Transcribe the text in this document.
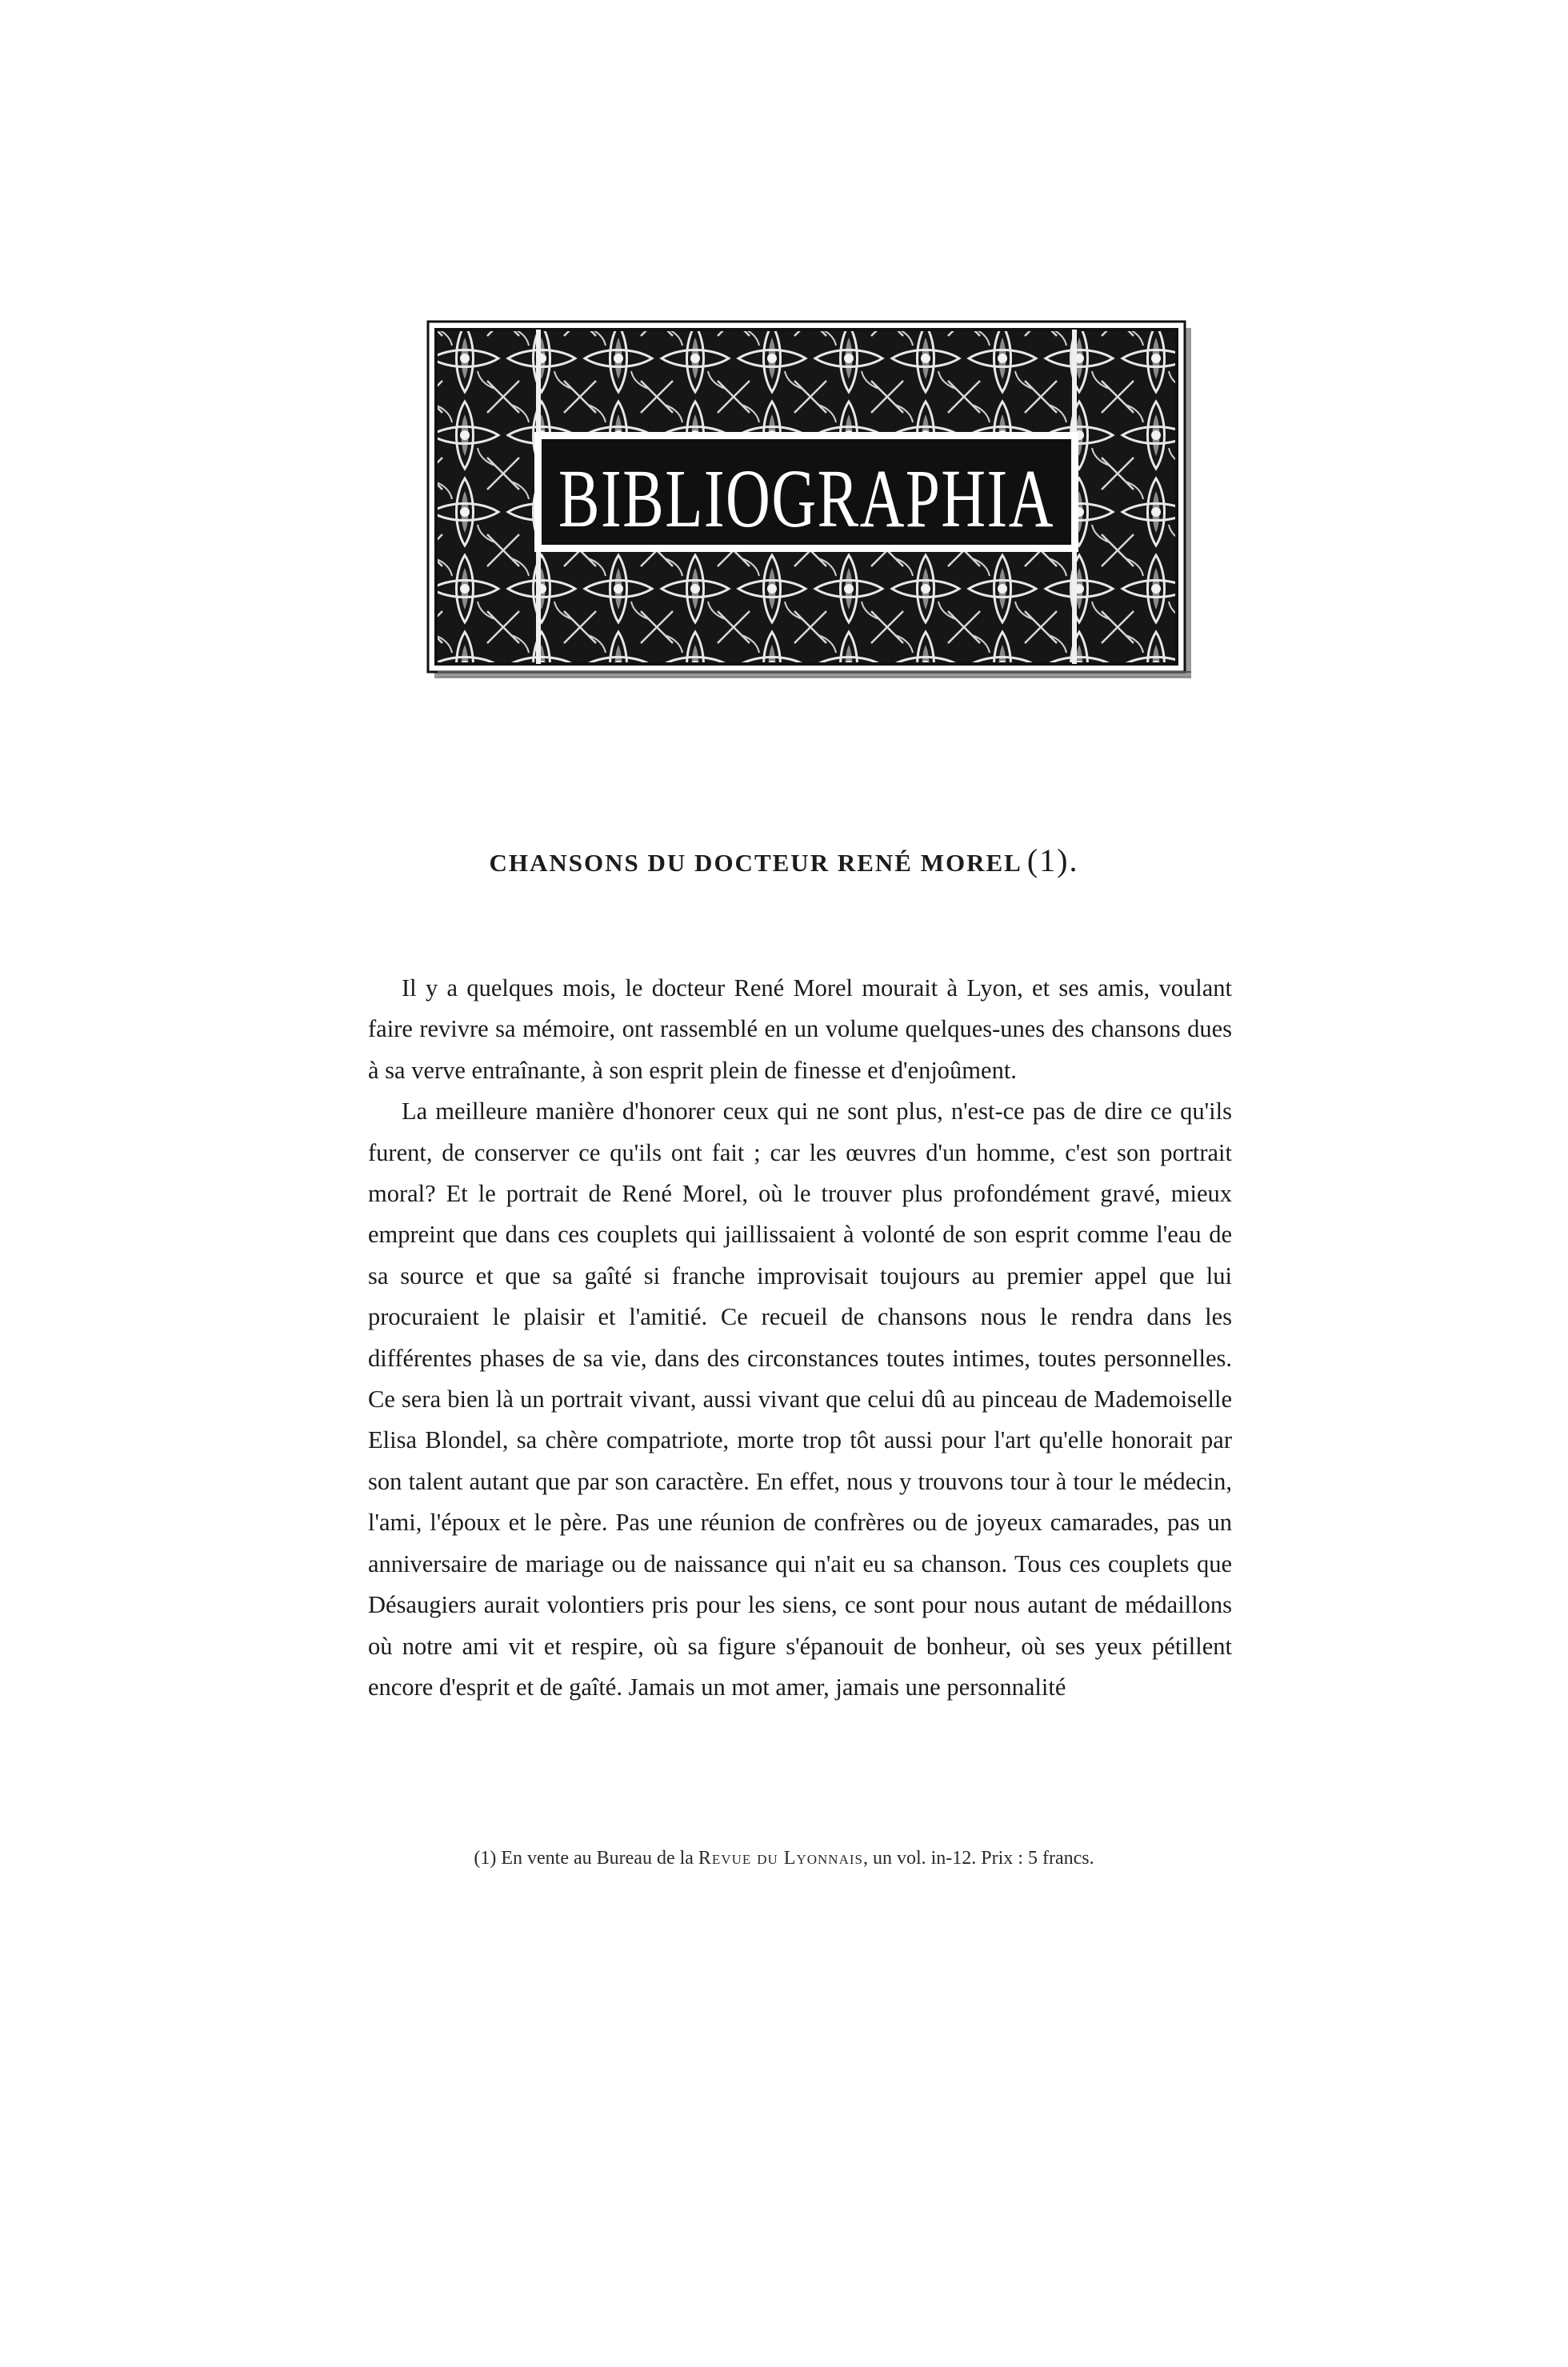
BIBLIOGRAPHIA
CHANSONS DU DOCTEUR RENÉ MOREL (1).

Il y a quelques mois, le docteur René Morel mourait à Lyon, et ses amis, voulant faire revivre sa mémoire, ont rassemblé en un volume quelques-unes des chansons dues à sa verve entraînante, à son esprit plein de finesse et d'enjoûment.

La meilleure manière d'honorer ceux qui ne sont plus, n'est-ce pas de dire ce qu'ils furent, de conserver ce qu'ils ont fait ; car les œuvres d'un homme, c'est son portrait moral? Et le portrait de René Morel, où le trouver plus profondément gravé, mieux empreint que dans ces couplets qui jaillissaient à volonté de son esprit comme l'eau de sa source et que sa gaîté si franche improvisait toujours au premier appel que lui procuraient le plaisir et l'amitié. Ce recueil de chansons nous le rendra dans les différentes phases de sa vie, dans des circonstances toutes intimes, toutes personnelles. Ce sera bien là un portrait vivant, aussi vivant que celui dû au pinceau de Mademoiselle Elisa Blondel, sa chère compatriote, morte trop tôt aussi pour l'art qu'elle honorait par son talent autant que par son caractère. En effet, nous y trouvons tour à tour le médecin, l'ami, l'époux et le père. Pas une réunion de confrères ou de joyeux camarades, pas un anniversaire de mariage ou de naissance qui n'ait eu sa chanson. Tous ces couplets que Désaugiers aurait volontiers pris pour les siens, ce sont pour nous autant de médaillons où notre ami vit et respire, où sa figure s'épanouit de bonheur, où ses yeux pétillent encore d'esprit et de gaîté. Jamais un mot amer, jamais une personnalité

(1) En vente au Bureau de la Revue du Lyonnais, un vol. in-12. Prix : 5 francs.
